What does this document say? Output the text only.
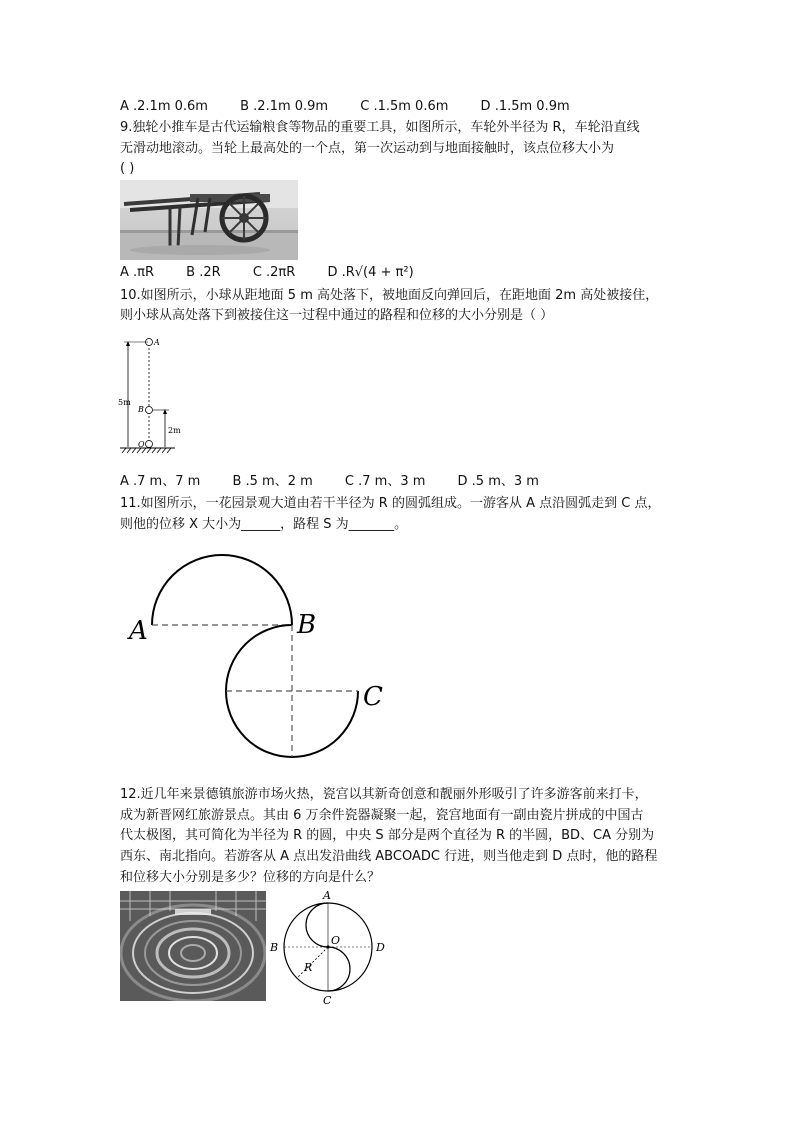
A .2.1m 0.6m B .2.1m 0.9m C .1.5m 0.6m D .1.5m 0.9m
9.独轮小推车是古代运输粮食等物品的重要工具，如图所示，车轮外半径为 R，车轮沿直线
无滑动地滚动。当轮上最高处的一个点，第一次运动到与地面接触时，该点位移大小为
( )
A .πR B .2R C .2πR D .R√(4 + π²)
10.如图所示，小球从距地面 5 m 高处落下，被地面反向弹回后，在距地面 2m 高处被接住，
则小球从高处落下到被接住这一过程中通过的路程和位移的大小分别是（ ）
A
5m
B
2m
O
A .7 m、7 m B .5 m、2 m C .7 m、3 m D .5 m、3 m
11.如图所示，一花园景观大道由若干半径为 R 的圆弧组成。一游客从 A 点沿圆弧走到 C 点，
则他的位移 X 大小为______，路程 S 为_______。
A	B
C
12.近几年来景德镇旅游市场火热，瓷宫以其新奇创意和靓丽外形吸引了许多游客前来打卡，
成为新晋网红旅游景点。其由 6 万余件瓷器凝聚一起，瓷宫地面有一副由瓷片拼成的中国古
代太极图，其可简化为半径为 R 的圆，中央 S 部分是两个直径为 R 的半圆，BD、CA 分别为
西东、南北指向。若游客从 A 点出发沿曲线 ABCOADC 行进，则当他走到 D 点时，他的路程
和位移大小分别是多少？位移的方向是什么？
A
B
C
D
O
R
